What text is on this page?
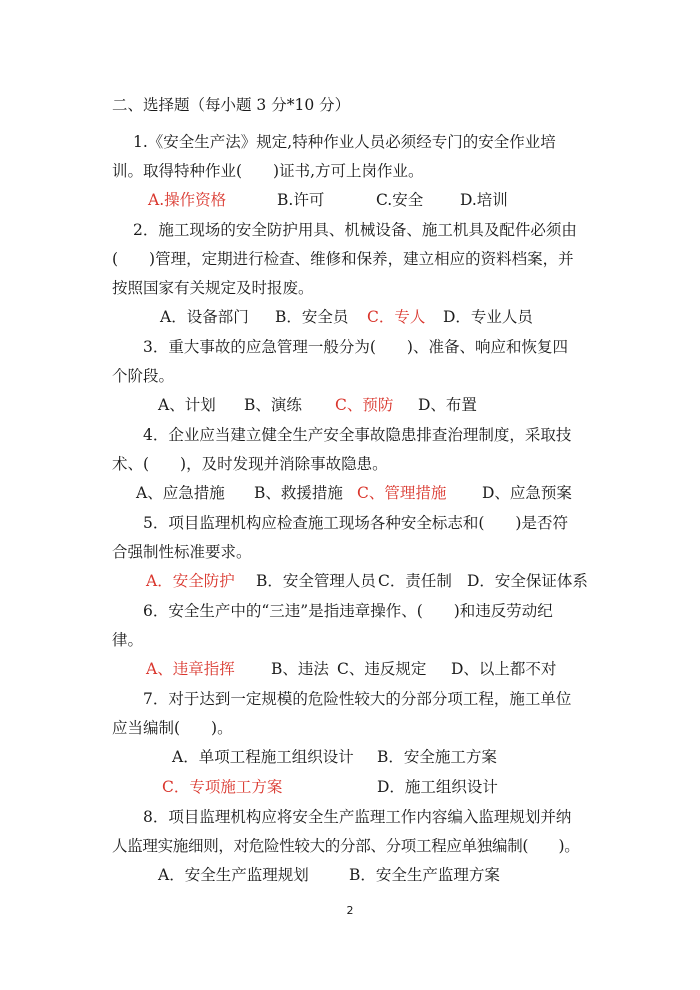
二、选择题（每小题 3 分*10 分）
1.《安全生产法》规定,特种作业人员必须经专门的安全作业培
训。取得特种作业(　　)证书,方可上岗作业。
A.操作资格	B.许可	C.安全 D.培训
2．施工现场的安全防护用具、机械设备、施工机具及配件必须由
(　　)管理，定期进行检查、维修和保养，建立相应的资料档案，并
按照国家有关规定及时报废。
A．设备部门 B．安全员 C．专人 D．专业人员
3．重大事故的应急管理一般分为(　　)、准备、响应和恢复四
个阶段。
A、计划 B、演练 C、预防 D、布置
4．企业应当建立健全生产安全事故隐患排查治理制度，采取技
术、(　　)，及时发现并消除事故隐患。
A、应急措施 B、救援措施 C、管理措施 D、应急预案
5．项目监理机构应检查施工现场各种安全标志和(　　)是否符
合强制性标准要求。
A．安全防护 B．安全管理人员 C．责任制 D．安全保证体系
6．安全生产中的“三违”是指违章操作、(　　)和违反劳动纪
律。
A、违章指挥 B、违法 C、违反规定 D、以上都不对
7．对于达到一定规模的危险性较大的分部分项工程，施工单位
应当编制(　　)。
A．单项工程施工组织设计 B．安全施工方案
C．专项施工方案	D．施工组织设计
8．项目监理机构应将安全生产监理工作内容编入监理规划并纳
人监理实施细则，对危险性较大的分部、分项工程应单独编制(　　)。
A．安全生产监理规划	B．安全生产监理方案
2
